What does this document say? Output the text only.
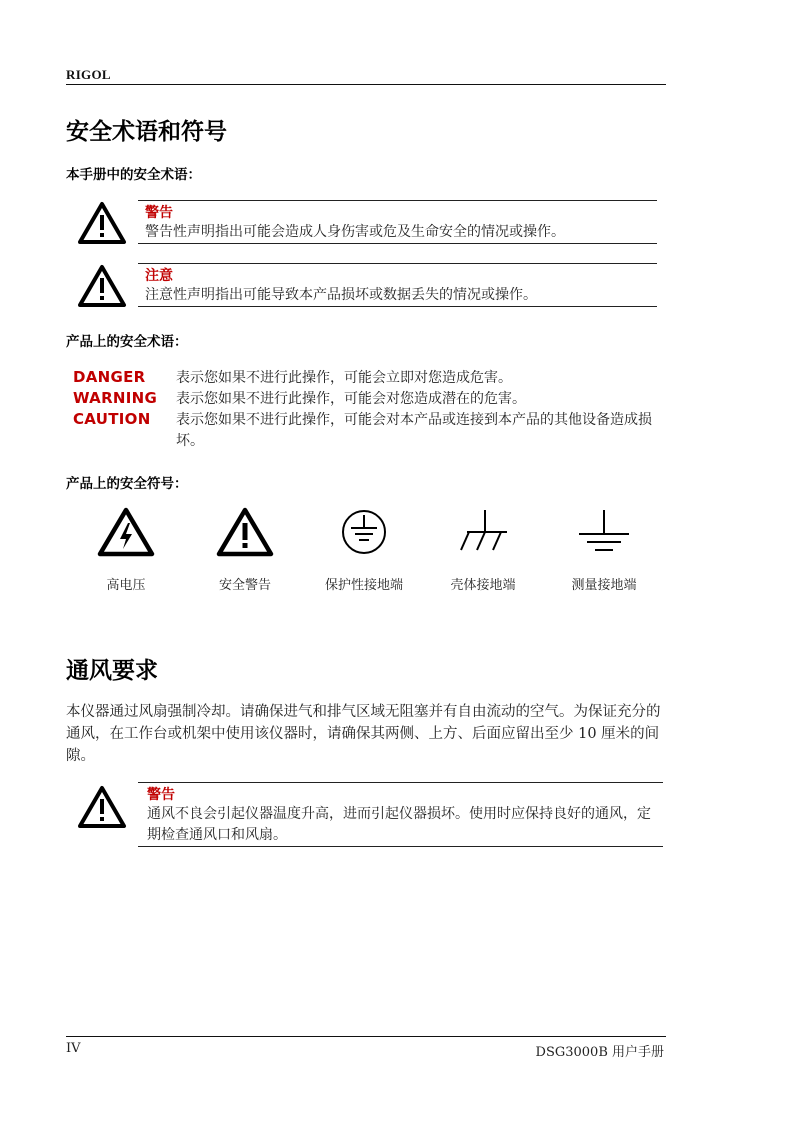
RIGOL
安全术语和符号
本手册中的安全术语：
警告
警告性声明指出可能会造成人身伤害或危及生命安全的情况或操作。
注意
注意性声明指出可能导致本产品损坏或数据丢失的情况或操作。
产品上的安全术语：
DANGER 表示您如果不进行此操作，可能会立即对您造成危害。
WARNING 表示您如果不进行此操作，可能会对您造成潜在的危害。
CAUTION 表示您如果不进行此操作，可能会对本产品或连接到本产品的其他设备造成损坏。
产品上的安全符号：
高电压	安全警告	保护性接地端	壳体接地端	测量接地端
通风要求
本仪器通过风扇强制冷却。请确保进气和排气区域无阻塞并有自由流动的空气。为保证充分的通风，在工作台或机架中使用该仪器时，请确保其两侧、上方、后面应留出至少 10 厘米的间隙。
警告
通风不良会引起仪器温度升高，进而引起仪器损坏。使用时应保持良好的通风，定期检查通风口和风扇。
IV	DSG3000B 用户手册
